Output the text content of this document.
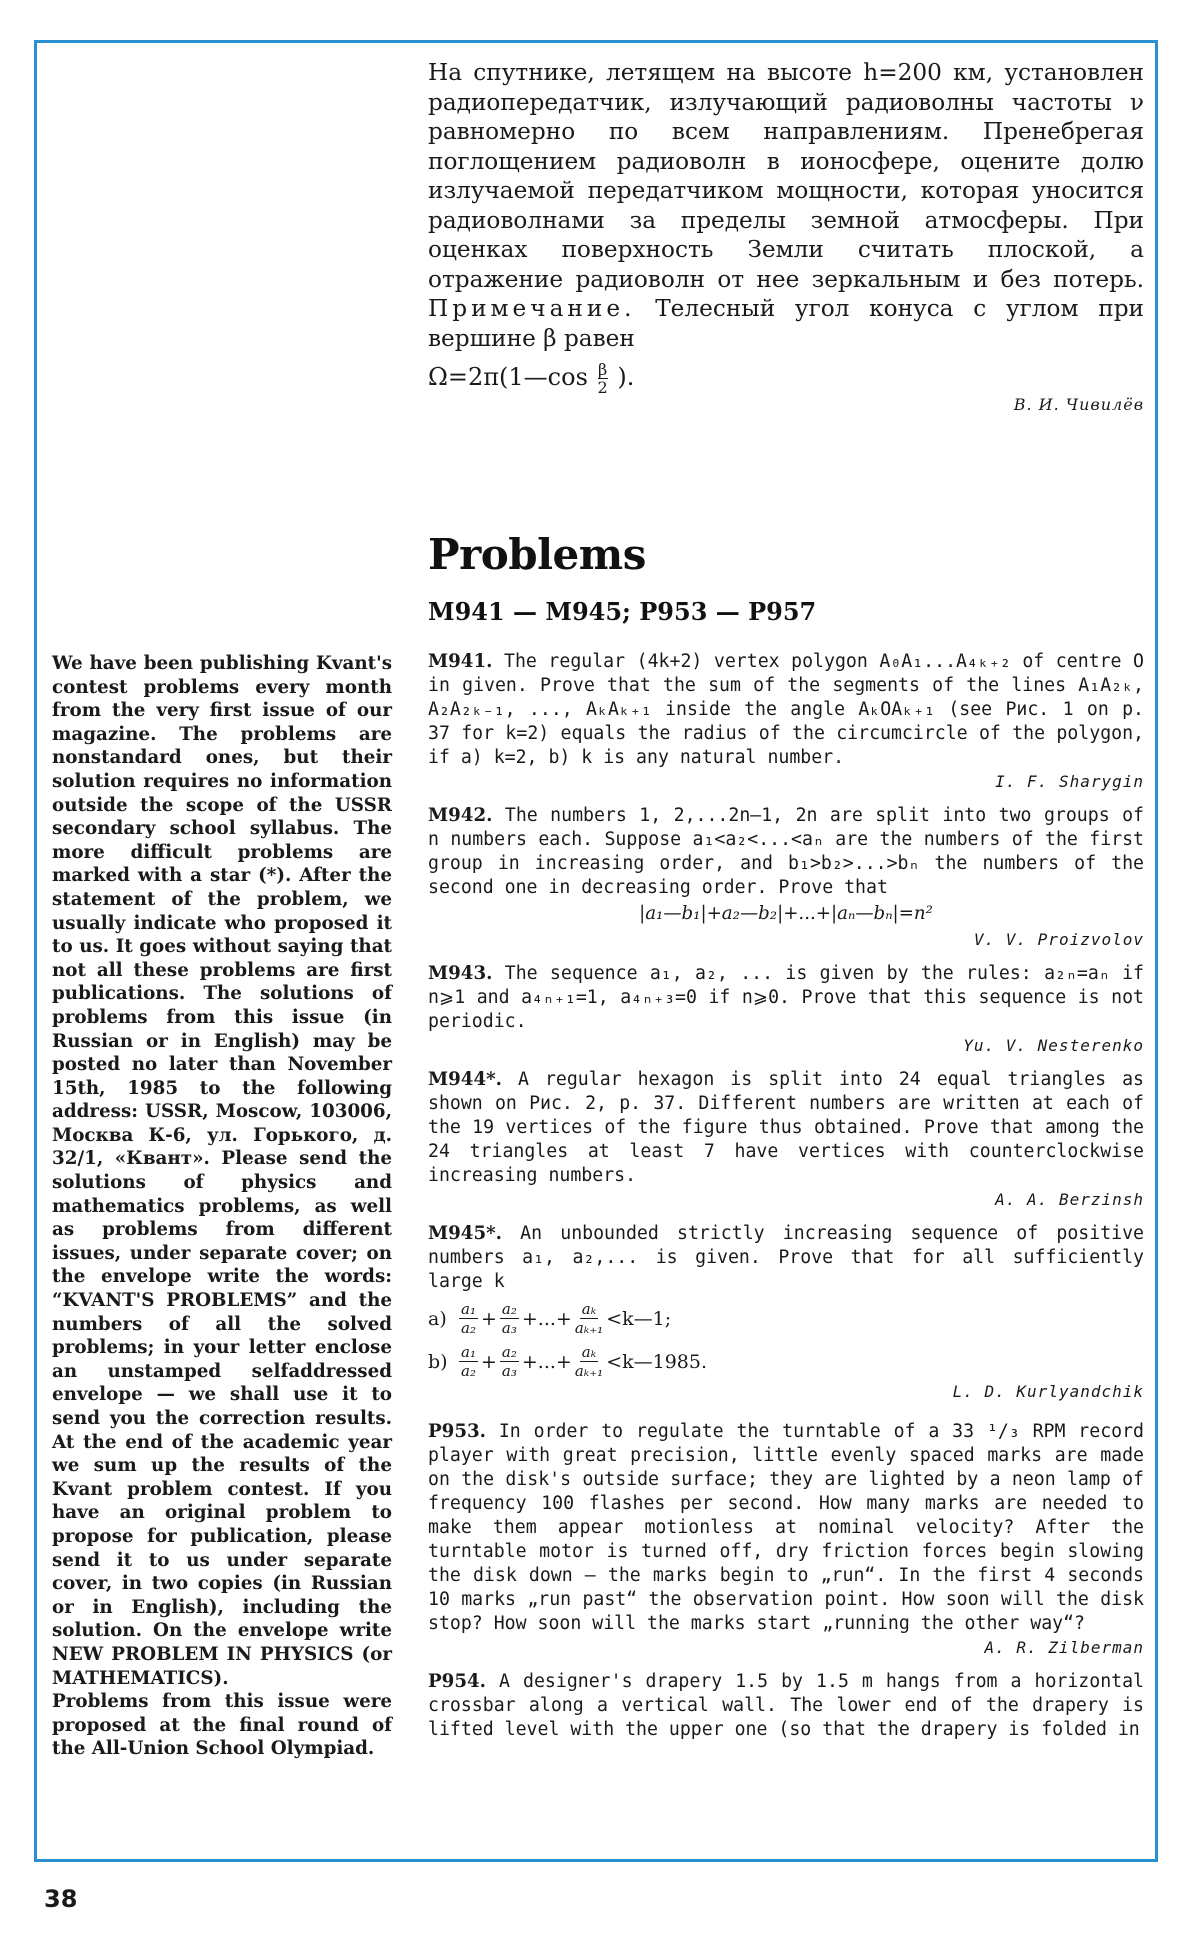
На спутнике, летящем на высоте h=200 км, установлен радиопередатчик, излучающий радиоволны частоты ν равномерно по всем направлениям. Пренебрегая поглощением радиоволн в ионосфере, оцените долю излучаемой передатчиком мощности, которая уносится радиоволнами за пределы земной атмосферы. При оценках поверхность Земли считать плоской, а отражение радиоволн от нее зеркальным и без потерь. Примечание. Телесный угол конуса с углом при вершине β равен

Ω=2π(1—cos $\frac{\beta}{2}$ ).
В. И. Чивилёв
Problems
M941 — M945; P953 — P957

M941. The regular (4k+2) vertex polygon A₀A₁...A₄ₖ₊₂ of centre O in given. Prove that the sum of the segments of the lines A₁A₂ₖ, A₂A₂ₖ₋₁, ..., AₖAₖ₊₁ inside the angle AₖOAₖ₊₁ (see Рис. 1 on p. 37 for k=2) equals the radius of the circumcircle of the polygon, if a) k=2, b) k is any natural number.

I. F. Sharygin

M942. The numbers 1, 2,...2n—1, 2n are split into two groups of n numbers each. Suppose a₁<a₂<...<aₙ are the numbers of the first group in increasing order, and b₁>b₂>...>bₙ the numbers of the second one in decreasing order. Prove that

|a₁—b₁|+a₂—b₂|+...+|aₙ—bₙ|=n²
V. V. Proizvolov

M943. The sequence a₁, a₂, ... is given by the rules: a₂ₙ=aₙ if n⩾1 and a₄ₙ₊₁=1, a₄ₙ₊₃=0 if n⩾0. Prove that this sequence is not periodic.

Yu. V. Nesterenko

M944*. A regular hexagon is split into 24 equal triangles as shown on Рис. 2, p. 37. Different numbers are written at each of the 19 vertices of the figure thus obtained. Prove that among the 24 triangles at least 7 have vertices with counterclockwise increasing numbers.

A. A. Berzinsh

M945*. An unbounded strictly increasing sequence of positive numbers a₁, a₂,... is given. Prove that for all sufficiently large k

$a) \frac{\text{a₁}}{\text{a₂}} + \frac{\text{a₂}}{\text{a₃}}$ +...+ $\frac{\text{aₖ}}{\text{aₖ₊₁}}$ <k—1;
$b) \frac{\text{a₁}}{\text{a₂}} + \frac{\text{a₂}}{\text{a₃}}$ +...+ $\frac{\text{aₖ}}{\text{aₖ₊₁}}$ <k—1985.
L. D. Kurlyandchik

P953. In order to regulate the turntable of a 33 ¹/₃ RPM record player with great precision, little evenly spaced marks are made on the disk's outside surface; they are lighted by a neon lamp of frequency 100 flashes per second. How many marks are needed to make them appear motionless at nominal velocity? After the turntable motor is turned off, dry friction forces begin slowing the disk down — the marks begin to „run“. In the first 4 seconds 10 marks „run past“ the observation point. How soon will the disk stop? How soon will the marks start „running the other way“?

A. R. Zilberman

P954. A designer's drapery 1.5 by 1.5 m hangs from a horizontal crossbar along a vertical wall. The lower end of the drapery is lifted level with the upper one (so that the drapery is folded in

We have been publishing Kvant's contest problems every month from the very first issue of our magazine. The problems are nonstandard ones, but their solution requires no information outside the scope of the USSR secondary school syllabus. The more difficult problems are marked with a star (*). After the statement of the problem, we usually indicate who proposed it to us. It goes without saying that not all these problems are first publications. The solutions of problems from this issue (in Russian or in English) may be posted no later than November 15th, 1985 to the following address: USSR, Moscow, 103006, Москва К-6, ул. Горького, д. 32/1, «Квант». Please send the solutions of physics and mathematics problems, as well as problems from different issues, under separate cover; on the envelope write the words: “KVANT'S PROBLEMS” and the numbers of all the solved problems; in your letter enclose an unstamped selfaddressed envelope — we shall use it to send you the correction results. At the end of the academic year we sum up the results of the Kvant problem contest. If you have an original problem to propose for publication, please send it to us under separate cover, in two copies (in Russian or in English), including the solution. On the envelope write NEW PROBLEM IN PHYSICS (or MATHEMATICS).

Problems from this issue were proposed at the final round of the All-Union School Olympiad.

38
